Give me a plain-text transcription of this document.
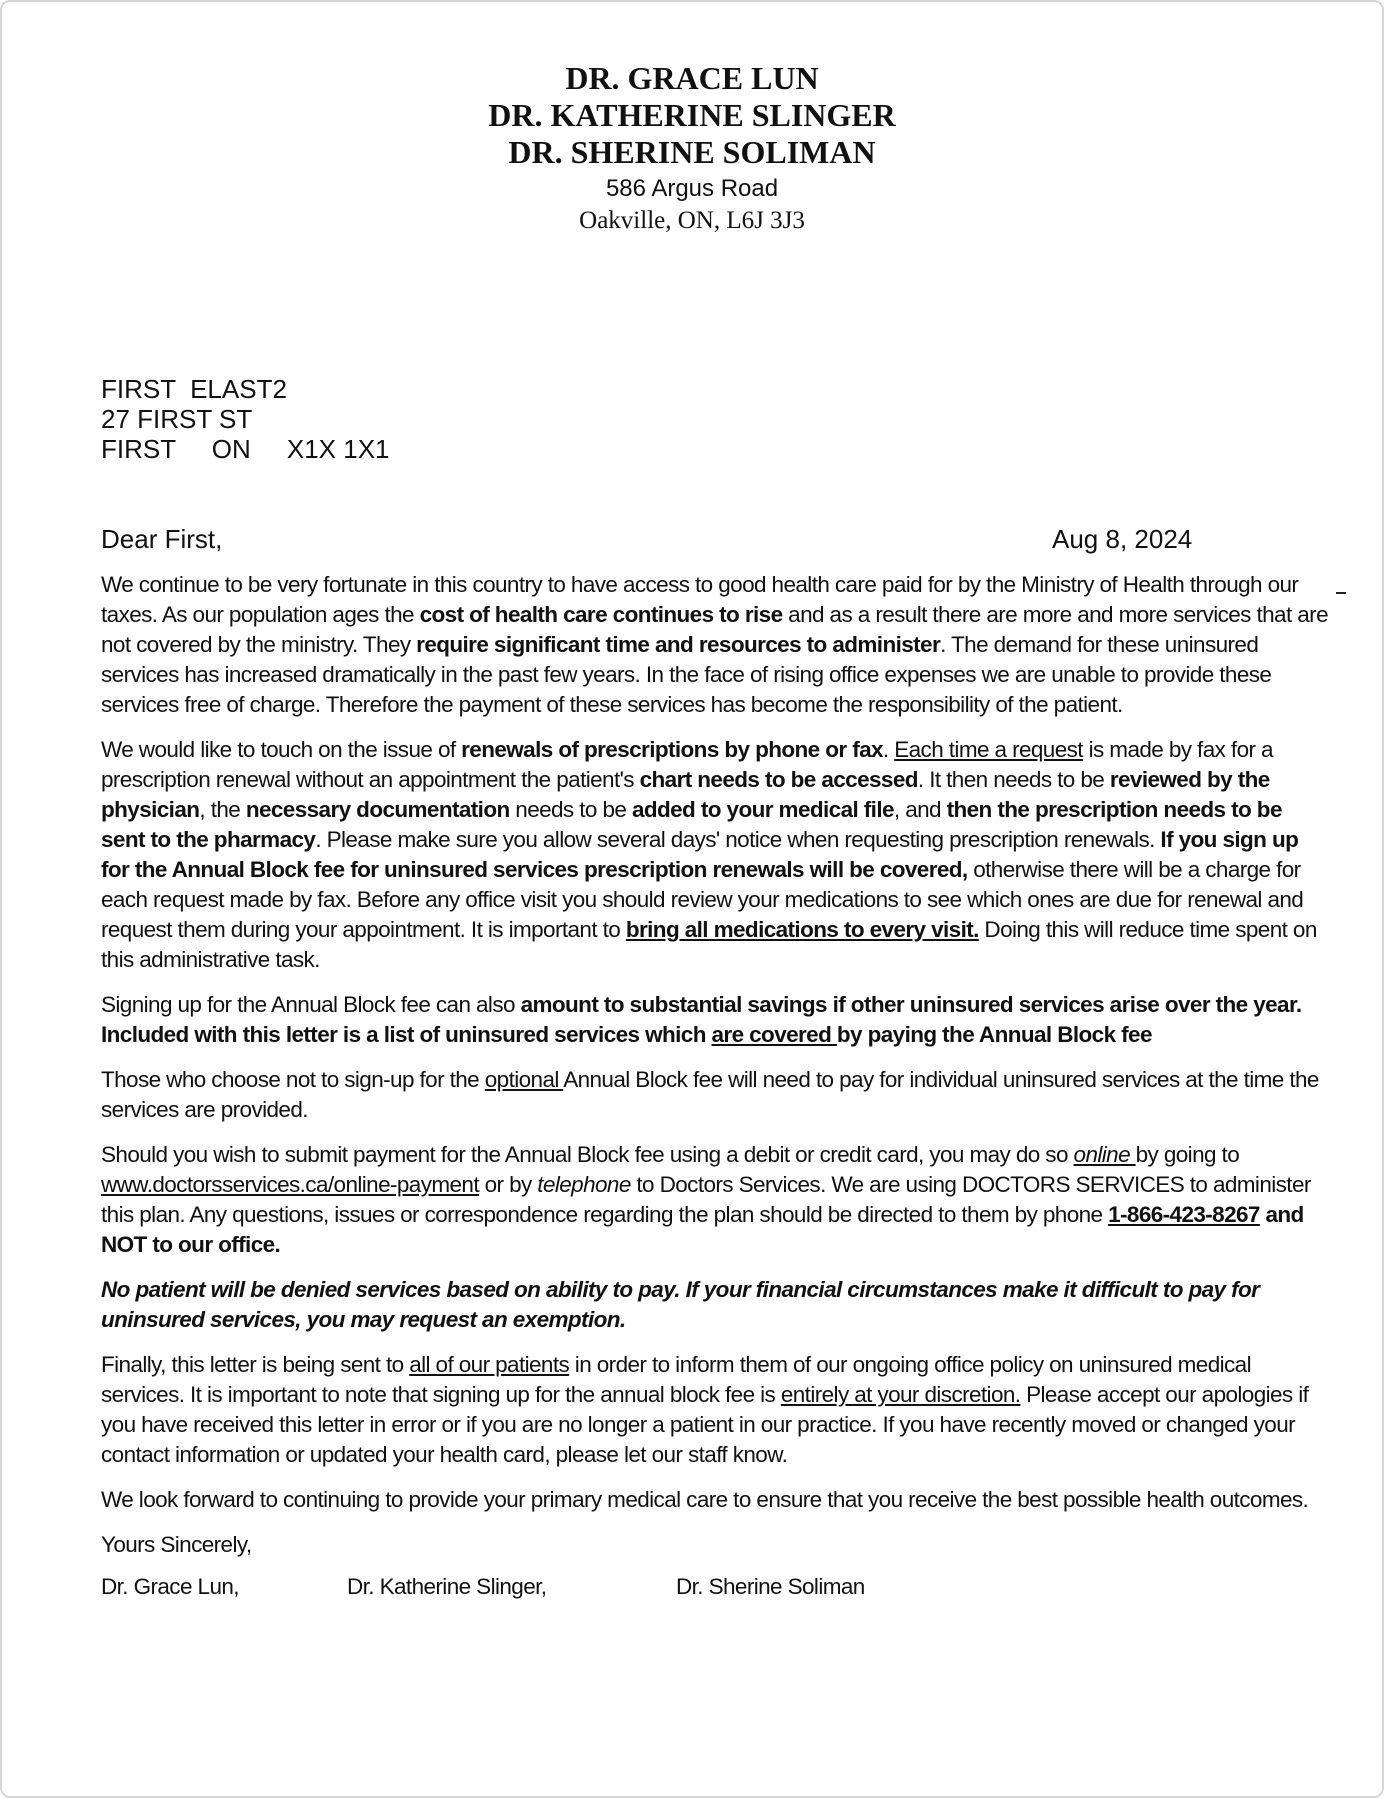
DR. GRACE LUN
DR. KATHERINE SLINGER
DR. SHERINE SOLIMAN
586 Argus Road
Oakville, ON, L6J 3J3
FIRST  ELAST2
27 FIRST ST
FIRST     ON     X1X 1X1
Dear First,	Aug 8, 2024

We continue to be very fortunate in this country to have access to good health care paid for by the Ministry of Health through our taxes. As our population ages the cost of health care continues to rise and as a result there are more and more services that are not covered by the ministry. They require significant time and resources to administer. The demand for these uninsured services has increased dramatically in the past few years. In the face of rising office expenses we are unable to provide these services free of charge. Therefore the payment of these services has become the responsibility of the patient.

We would like to touch on the issue of renewals of prescriptions by phone or fax. Each time a request is made by fax for a prescription renewal without an appointment the patient's chart needs to be accessed. It then needs to be reviewed by the physician, the necessary documentation needs to be added to your medical file, and then the prescription needs to be sent to the pharmacy. Please make sure you allow several days' notice when requesting prescription renewals. If you sign up for the Annual Block fee for uninsured services prescription renewals will be covered, otherwise there will be a charge for each request made by fax. Before any office visit you should review your medications to see which ones are due for renewal and request them during your appointment. It is important to bring all medications to every visit. Doing this will reduce time spent on this administrative task.

Signing up for the Annual Block fee can also amount to substantial savings if other uninsured services arise over the year. Included with this letter is a list of uninsured services which are covered by paying the Annual Block fee

Those who choose not to sign-up for the optional Annual Block fee will need to pay for individual uninsured services at the time the services are provided.

Should you wish to submit payment for the Annual Block fee using a debit or credit card, you may do so online by going to www.doctorsservices.ca/online-payment or by telephone to Doctors Services. We are using DOCTORS SERVICES to administer this plan. Any questions, issues or correspondence regarding the plan should be directed to them by phone 1-866-423-8267 and NOT to our office.

No patient will be denied services based on ability to pay. If your financial circumstances make it difficult to pay for uninsured services, you may request an exemption.

Finally, this letter is being sent to all of our patients in order to inform them of our ongoing office policy on uninsured medical services. It is important to note that signing up for the annual block fee is entirely at your discretion. Please accept our apologies if you have received this letter in error or if you are no longer a patient in our practice. If you have recently moved or changed your contact information or updated your health card, please let our staff know.

We look forward to continuing to provide your primary medical care to ensure that you receive the best possible health outcomes.

Yours Sincerely,
Dr. Grace Lun,	Dr. Katherine Slinger,	Dr. Sherine Soliman
